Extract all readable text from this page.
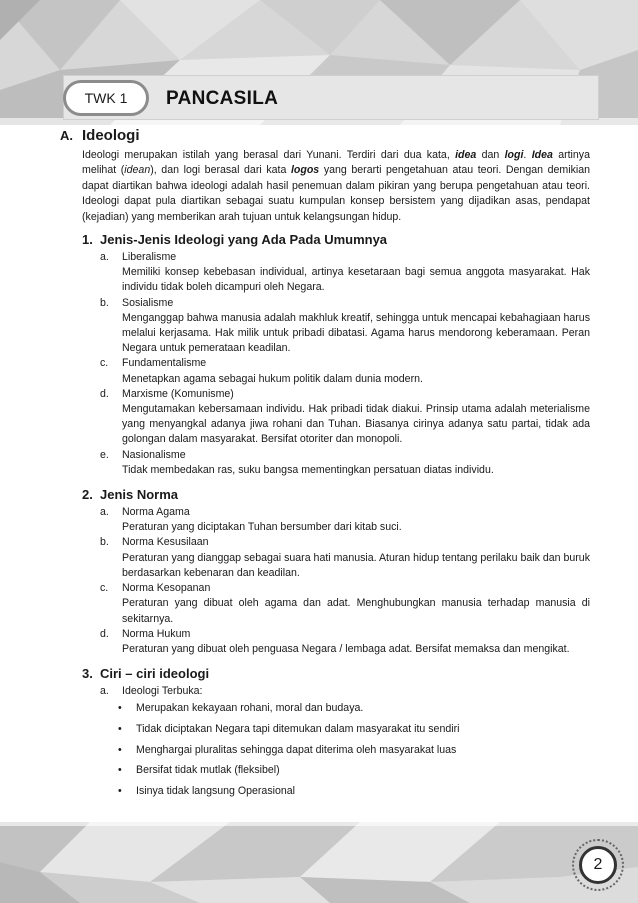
TWK 1	PANCASILA
A. Ideologi
Ideologi merupakan istilah yang berasal dari Yunani. Terdiri dari dua kata, idea dan logi. Idea artinya melihat (idean), dan logi berasal dari kata logos yang berarti pengetahuan atau teori. Dengan demikian dapat diartikan bahwa ideologi adalah hasil penemuan dalam pikiran yang berupa pengetahuan atau teori. Ideologi dapat pula diartikan sebagai suatu kumpulan konsep bersistem yang dijadikan asas, pendapat (kejadian) yang memberikan arah tujuan untuk kelangsungan hidup.
1. Jenis-Jenis Ideologi yang Ada Pada Umumnya
a.	Liberalisme
Memiliki konsep kebebasan individual, artinya kesetaraan bagi semua anggota masyarakat. Hak individu tidak boleh dicampuri oleh Negara.
b.	Sosialisme
Menganggap bahwa manusia adalah makhluk kreatif, sehingga untuk mencapai kebahagiaan harus melalui kerjasama. Hak milik untuk pribadi dibatasi. Agama harus mendorong keberamaan. Peran Negara untuk pemerataan keadilan.
c.	Fundamentalisme
Menetapkan agama sebagai hukum politik dalam dunia modern.
d.	Marxisme (Komunisme)
Mengutamakan kebersamaan individu. Hak pribadi tidak diakui. Prinsip utama adalah meterialisme yang menyangkal adanya jiwa rohani dan Tuhan. Biasanya cirinya adanya satu partai, tidak ada golongan dalam masyarakat. Bersifat otoriter dan monopoli.
e.	Nasionalisme
Tidak membedakan ras, suku bangsa mementingkan persatuan diatas individu.
2. Jenis Norma
a.	Norma Agama
Peraturan yang diciptakan Tuhan bersumber dari kitab suci.
b.	Norma Kesusilaan
Peraturan yang dianggap sebagai suara hati manusia. Aturan hidup tentang perilaku baik dan buruk berdasarkan kebenaran dan keadilan.
c.	Norma Kesopanan
Peraturan yang dibuat oleh agama dan adat. Menghubungkan manusia terhadap manusia di sekitarnya.
d.	Norma Hukum
Peraturan yang dibuat oleh penguasa Negara / lembaga adat. Bersifat memaksa dan mengikat.
3. Ciri – ciri ideologi
a.	Ideologi Terbuka:
•	Merupakan kekayaan rohani, moral dan budaya.
•	Tidak diciptakan Negara tapi ditemukan dalam masyarakat itu sendiri
•	Menghargai pluralitas sehingga dapat diterima oleh masyarakat luas
•	Bersifat tidak mutlak (fleksibel)
•	Isinya tidak langsung Operasional
2
